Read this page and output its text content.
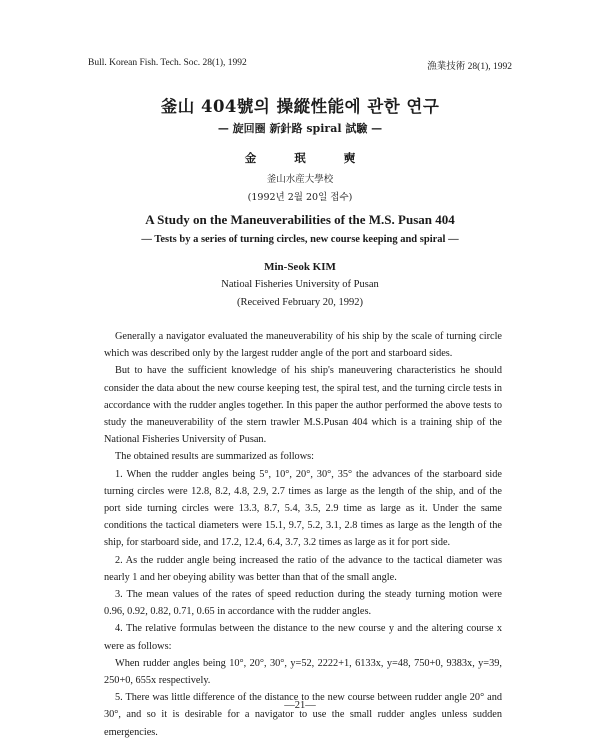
Bull. Korean Fish. Tech. Soc. 28(1), 1992	漁業技術 28(1), 1992
釜山 404號의 操縱性能에 관한 연구
— 旋回圈 新針路 spiral 試驗 —
金珉奭
釜山水産大學校
(1992년 2월 20일 접수)
A Study on the Maneuverabilities of the M.S. Pusan 404
— Tests by a series of turning circles, new course keeping and spiral —
Min-Seok KIM
Natioal Fisheries University of Pusan
(Received February 20, 1992)

Generally a navigator evaluated the maneuverability of his ship by the scale of turning circle which was described only by the largest rudder angle of the port and starboard sides.

But to have the sufficient knowledge of his ship's maneuvering characteristics he should consider the data about the new course keeping test, the spiral test, and the turning circle tests in accordance with the rudder angles together. In this paper the author performed the above tests to study the maneuverability of the stern trawler M.S.Pusan 404 which is a training ship of the National Fisheries University of Pusan.

The obtained results are summarized as follows:

1. When the rudder angles being 5°, 10°, 20°, 30°, 35° the advances of the starboard side turning circles were 12.8, 8.2, 4.8, 2.9, 2.7 times as large as the length of the ship, and of the port side turning circles were 13.3, 8.7, 5.4, 3.5, 2.9 time as large as it. Under the same conditions the tactical diameters were 15.1, 9.7, 5.2, 3.1, 2.8 times as large as the length of the ship, for starboard side, and 17.2, 12.4, 6.4, 3.7, 3.2 times as large as it for port side.

2. As the rudder angle being increased the ratio of the advance to the tactical diameter was nearly 1 and her obeying ability was better than that of the small angle.

3. The mean values of the rates of speed reduction during the steady turning motion were 0.96, 0.92, 0.82, 0.71, 0.65 in accordance with the rudder angles.

4. The relative formulas between the distance to the new course y and the altering course x were as follows:

When rudder angles being 10°, 20°, 30°, y=52, 2222+1, 6133x, y=48, 750+0, 9383x, y=39, 250+0, 655x respectively.

5. There was little difference of the distance to the new course between rudder angle 20° and 30°, and so it is desirable for a navigator to use the small rudder angles unless sudden emergencies.

—21—
